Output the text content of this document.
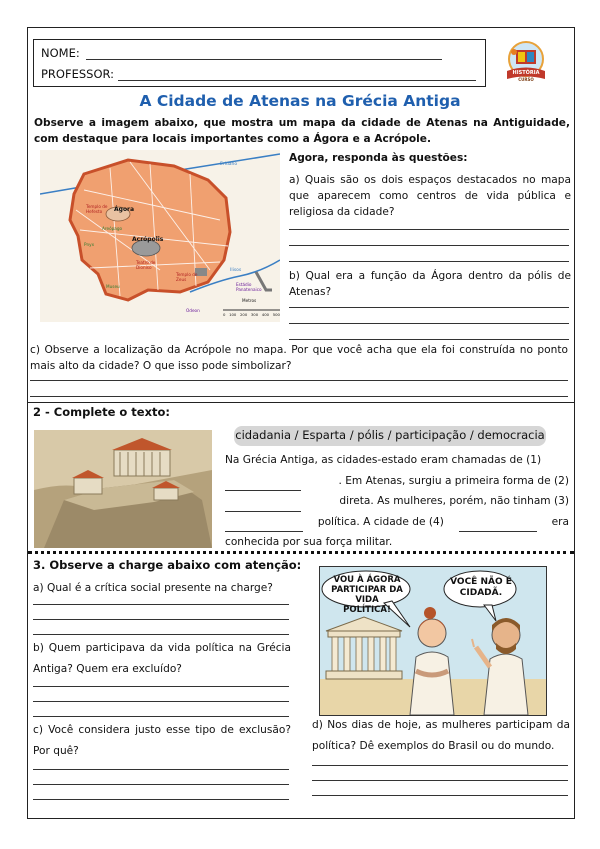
NOME:
PROFESSOR:	HISTÓRIA
CURSO
A Cidade de Atenas na Grécia Antiga
Observe a imagem abaixo, que mostra um mapa da cidade de Atenas na Antiguidade, com destaque para locais importantes como a Ágora e a Acrópole.
Ágora
Acrópolis
Eridano
Ilisos
Templo de Hefesto
Templo de Zeus
Teatro de Dioniso
Areópago
Pnyx
Museu
Odeon
Estádio Panatenaico
Metros
0 100 200 300 400 500
Agora, responda às questões:
a) Quais são os dois espaços destacados no mapa que aparecem como centros de vida pública e religiosa da cidade?
b) Qual era a função da Ágora dentro da pólis de Atenas?
c) Observe a localização da Acrópole no mapa. Por que você acha que ela foi construída no ponto mais alto da cidade? O que isso pode simbolizar?
2 - Complete o texto:
cidadania / Esparta / pólis / participação / democracia
Na Grécia Antiga, as cidades-estado eram chamadas de (1)
. Em Atenas, surgiu a primeira forma de (2)
direta. As mulheres, porém, não tinham (3)
política. A cidade de (4)	era
conhecida por sua força militar.
3. Observe a charge abaixo com atenção:
a) Qual é a crítica social presente na charge?
b) Quem participava da vida política na Grécia Antiga? Quem era excluído?
c) Você considera justo esse tipo de exclusão? Por quê?
VOU À ÁGORA PARTICIPAR DA VIDA POLÍTICA!
VOCÊ NÃO É CIDADÃ.
d) Nos dias de hoje, as mulheres participam da política? Dê exemplos do Brasil ou do mundo.
